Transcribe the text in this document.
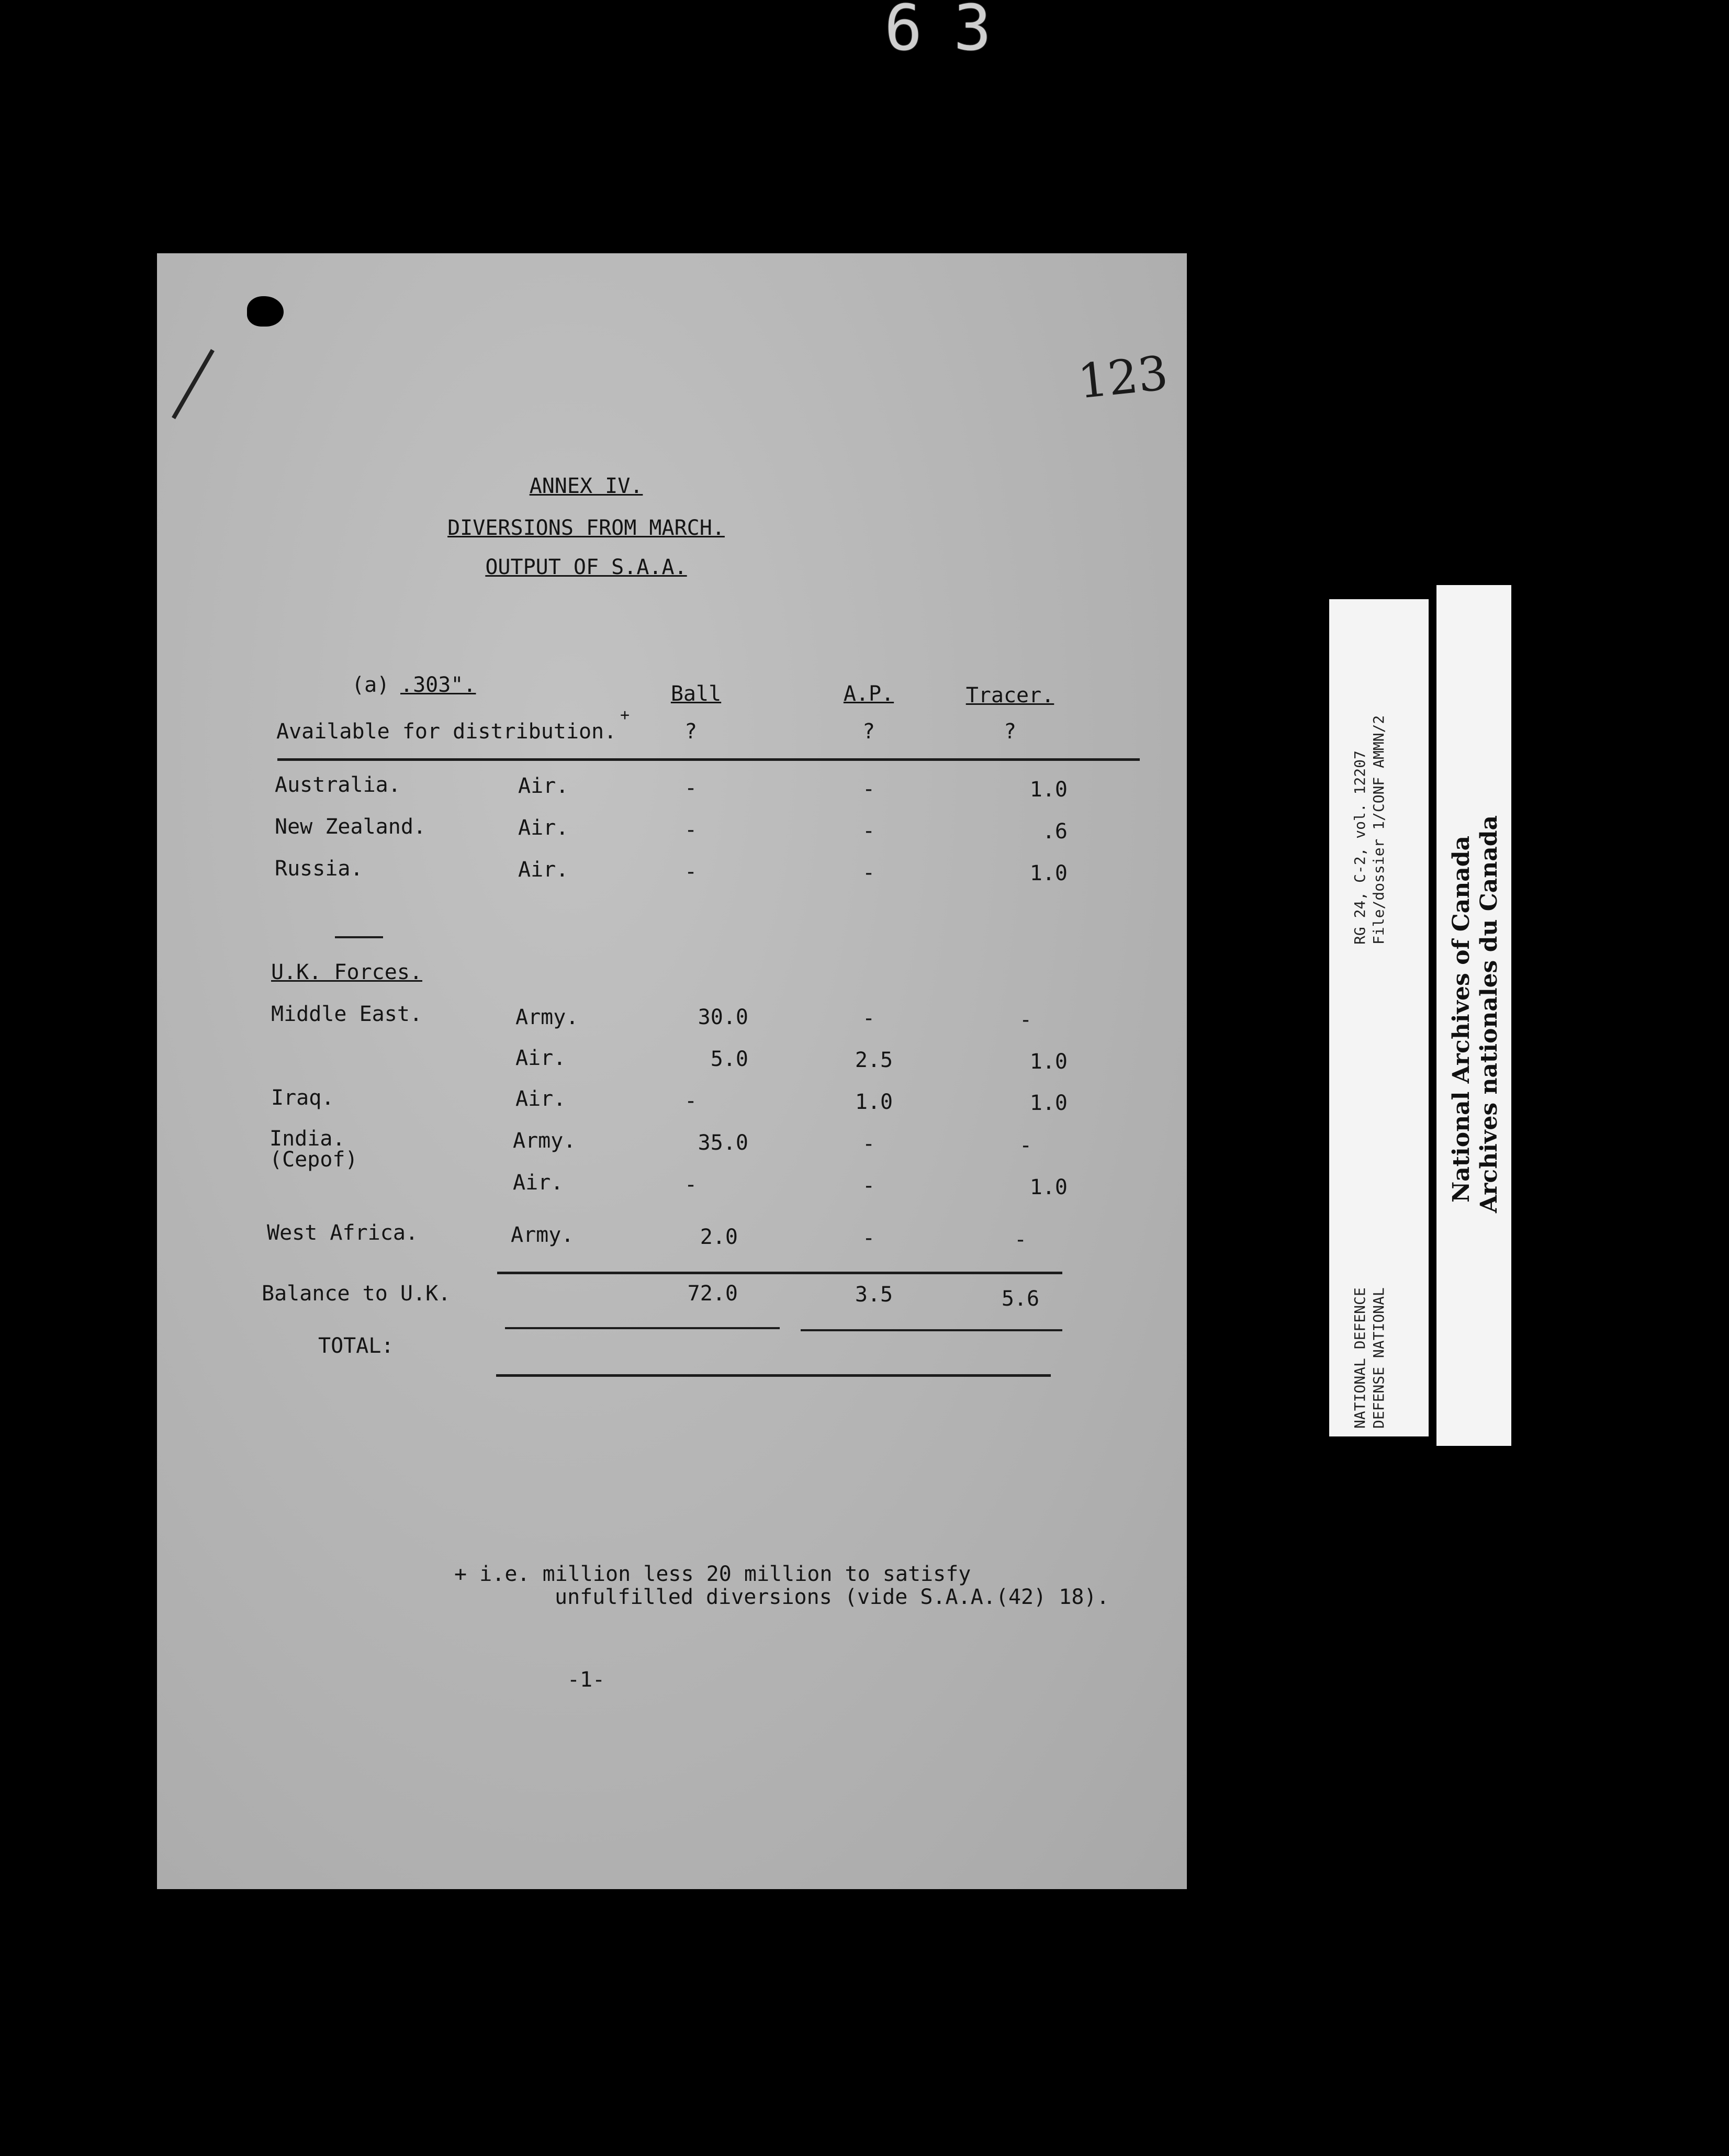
63
123
ANNEX IV.
DIVERSIONS FROM MARCH.
OUTPUT OF S.A.A.
(a) .303".	Ball	A.P.	Tracer.
Available for distribution.
+
?	?	?
Australia.	Air.	-	-	1.0
New Zealand.	Air.	-	-	.6
Russia.	Air.	-	-	1.0
U.K. Forces.
Middle East.	Army.	30.0	-	-
Air.	5.0	2.5	1.0
Iraq.	Air.	-	1.0	1.0
India.
(Cepof)
Army.	35.0	-	-
Air.	-	-	1.0
West Africa.	Army.	2.0	-	-
Balance to U.K.	72.0	3.5	5.6
TOTAL:
+ i.e. million less 20 million to satisfy
unfulfilled diversions (vide S.A.A.(42) 18).
-1-
RG 24, C-2, vol. 12207 File/dossier 1/CONF AMMN/2
NATIONAL DEFENCE DEFENSE NATIONAL
National Archives of Canada Archives nationales du Canada
